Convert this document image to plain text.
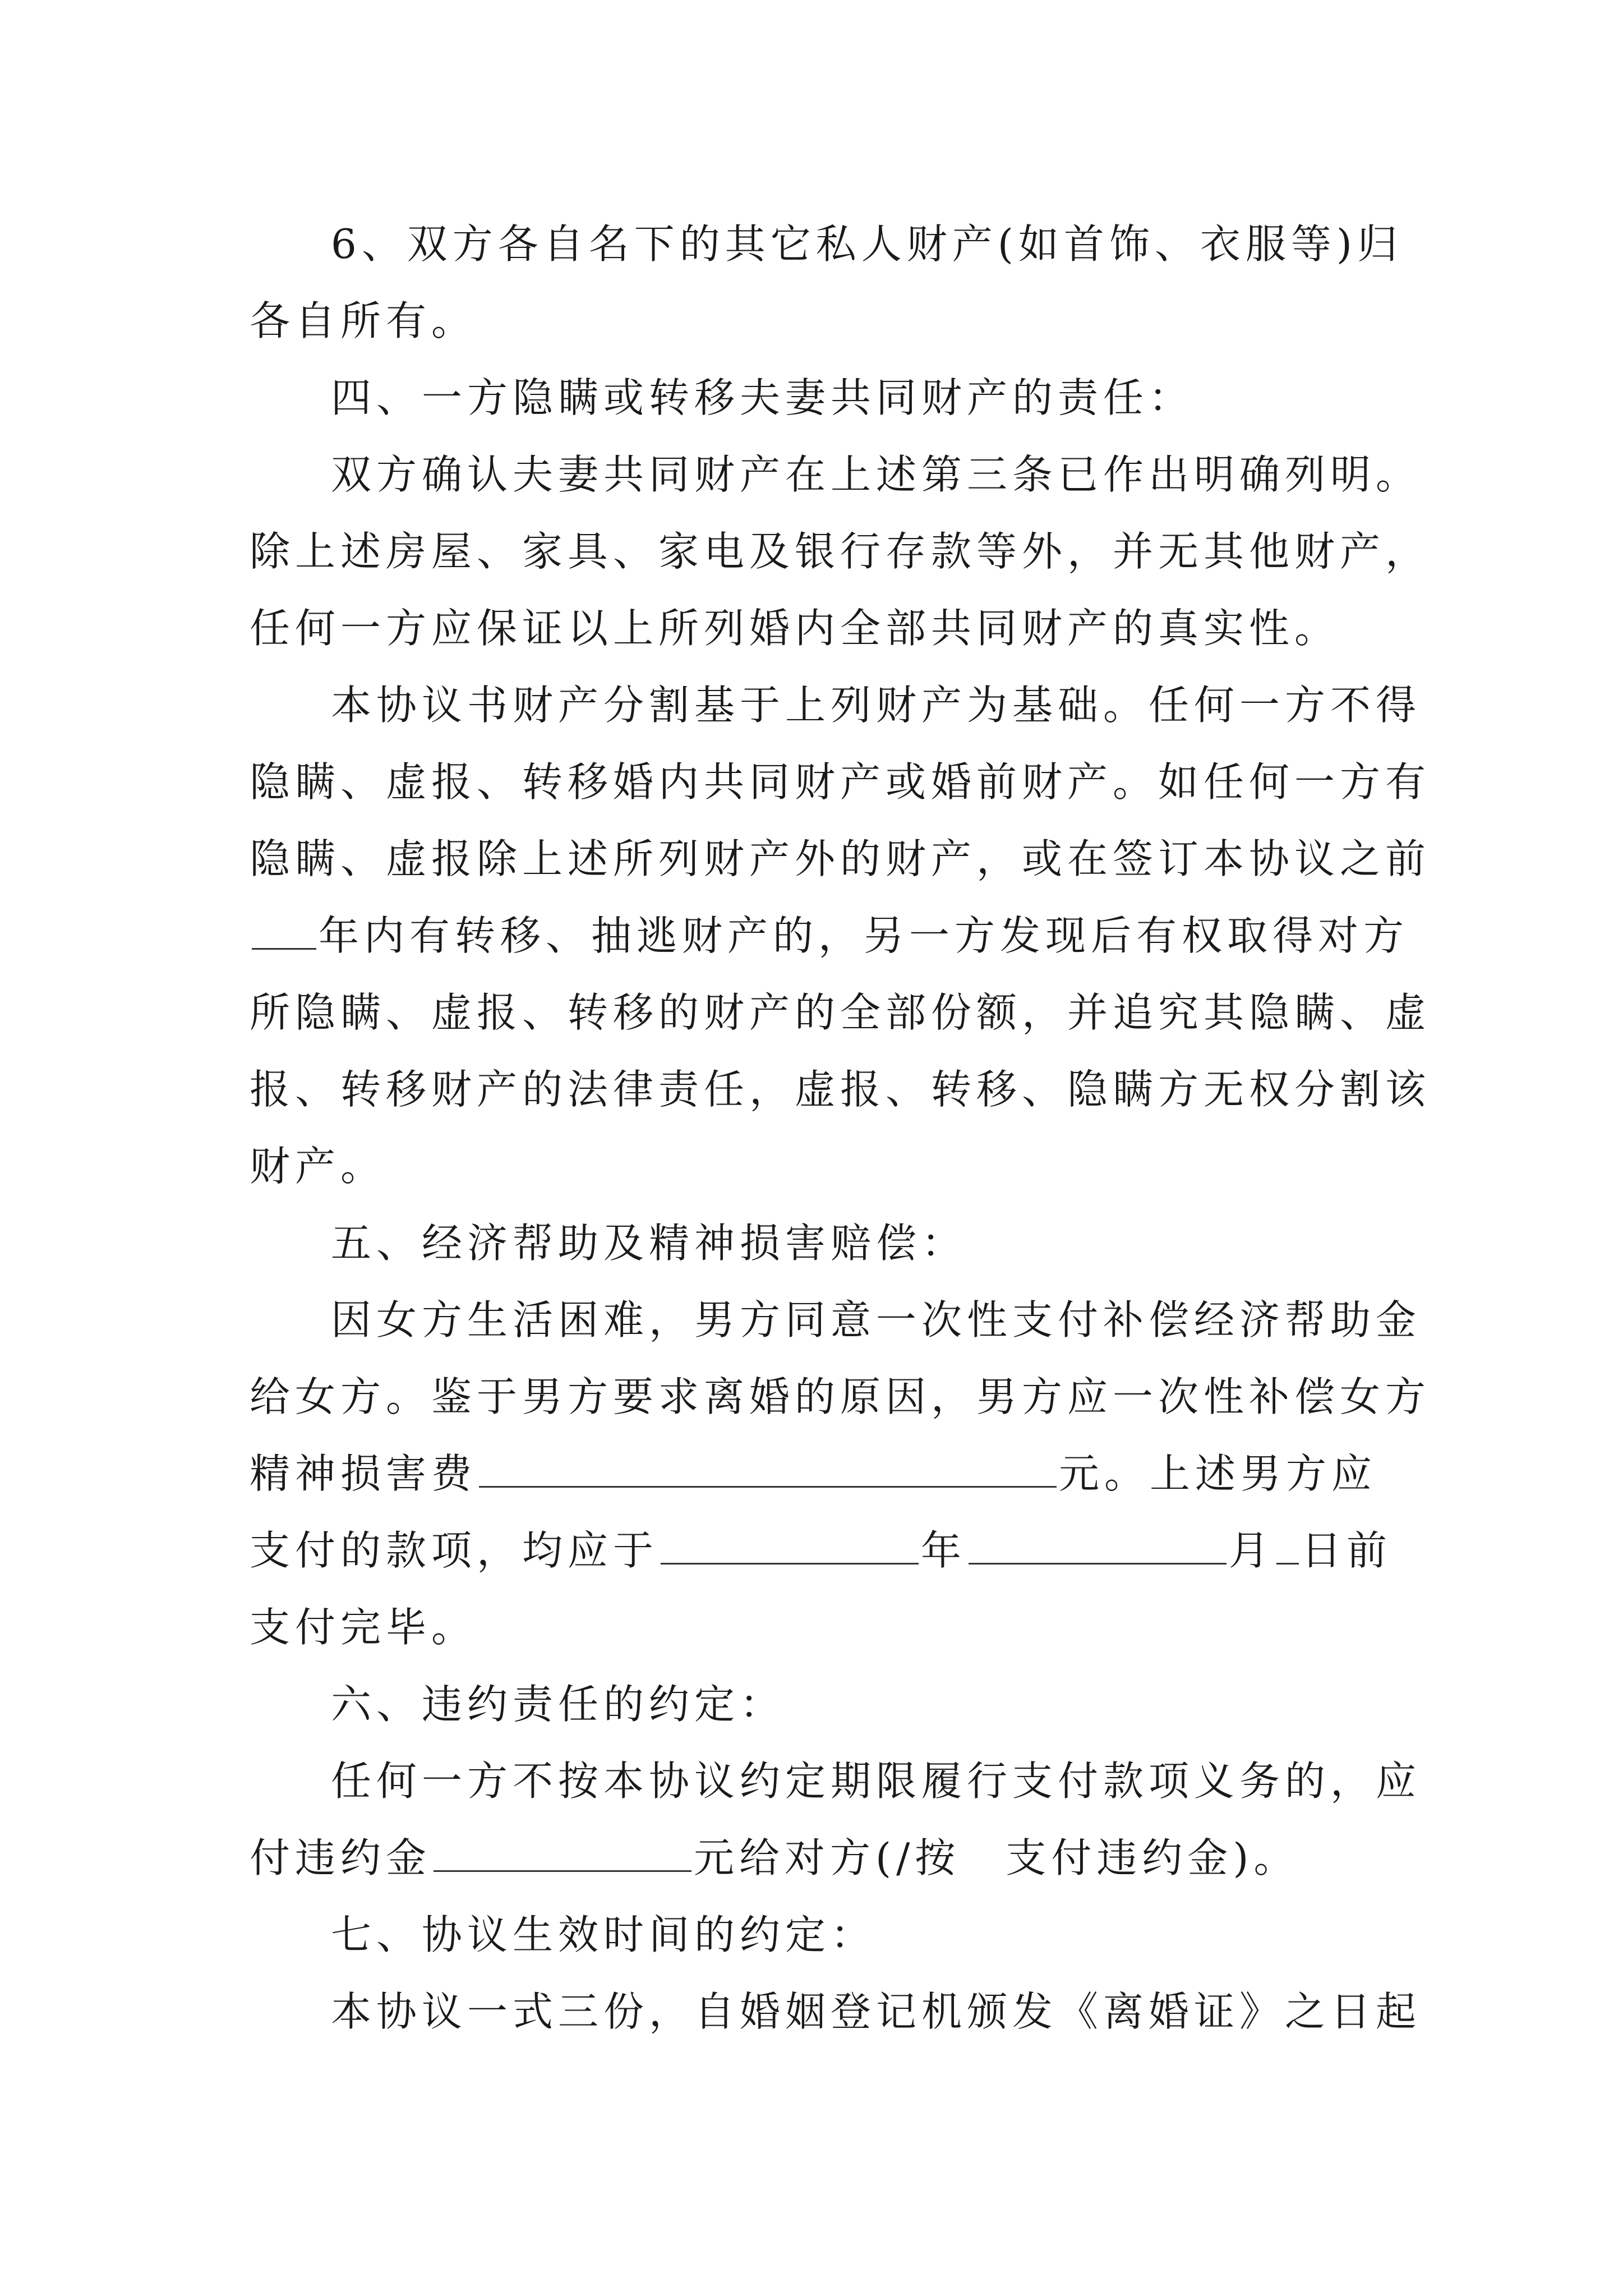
6、双方各自名下的其它私人财产(如首饰、衣服等)归
各自所有。
四、一方隐瞒或转移夫妻共同财产的责任：
双方确认夫妻共同财产在上述第三条已作出明确列明。
除上述房屋、家具、家电及银行存款等外，并无其他财产，
任何一方应保证以上所列婚内全部共同财产的真实性。
本协议书财产分割基于上列财产为基础。任何一方不得
隐瞒、虚报、转移婚内共同财产或婚前财产。如任何一方有
隐瞒、虚报除上述所列财产外的财产，或在签订本协议之前
年内有转移、抽逃财产的，另一方发现后有权取得对方
所隐瞒、虚报、转移的财产的全部份额，并追究其隐瞒、虚
报、转移财产的法律责任，虚报、转移、隐瞒方无权分割该
财产。
五、经济帮助及精神损害赔偿：
因女方生活困难，男方同意一次性支付补偿经济帮助金
给女方。鉴于男方要求离婚的原因，男方应一次性补偿女方
精神损害费	元。上述男方应
支付的款项，均应于	年	月 日前
支付完毕。
六、违约责任的约定：
任何一方不按本协议约定期限履行支付款项义务的，应
付违约金	元给对方(/按　支付违约金)。
七、协议生效时间的约定：
本协议一式三份，自婚姻登记机颁发《离婚证》之日起
